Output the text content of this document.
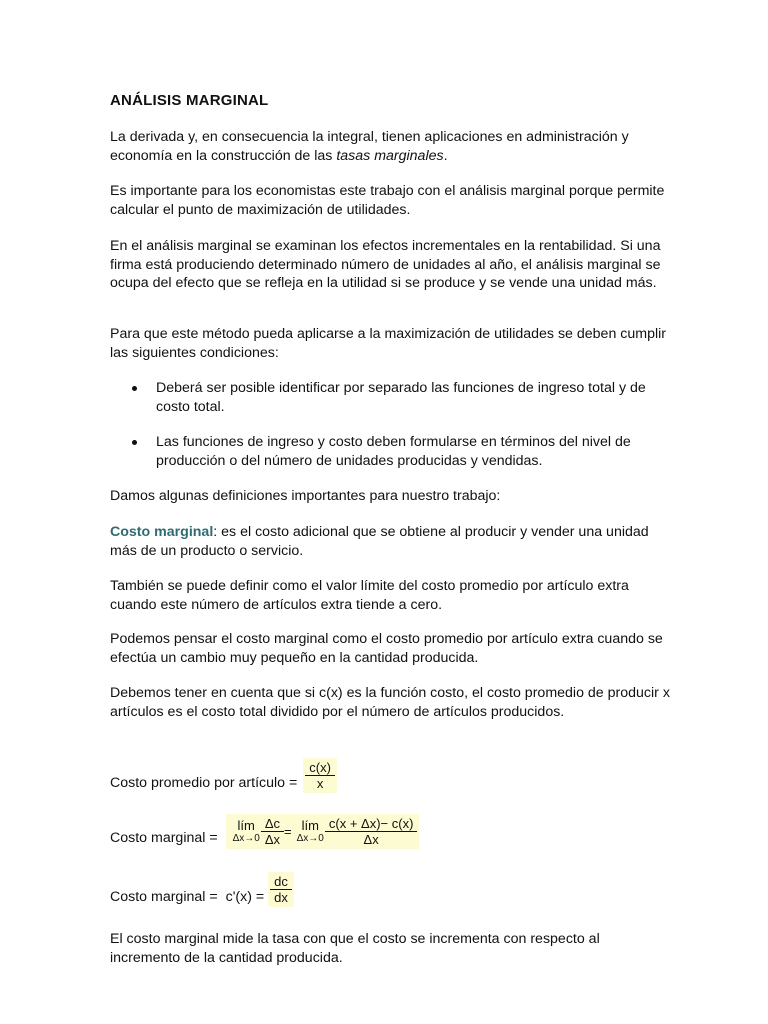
ANÁLISIS MARGINAL

La derivada y, en consecuencia la integral, tienen aplicaciones en administración y economía en la construcción de las tasas marginales.

Es importante para los economistas este trabajo con el análisis marginal porque permite calcular el punto de maximización de utilidades.

En el análisis marginal se examinan los efectos incrementales en la rentabilidad. Si una firma está produciendo determinado número de unidades al año, el análisis marginal se ocupa del efecto que se refleja en la utilidad si se produce y se vende una unidad más.

Para que este método pueda aplicarse a la maximización de utilidades se deben cumplir las siguientes condiciones:

Deberá ser posible identificar por separado las funciones de ingreso total y de costo total.
Las funciones de ingreso y costo deben formularse en términos del nivel de producción o del número de unidades producidas y vendidas.

Damos algunas definiciones importantes para nuestro trabajo:

Costo marginal: es el costo adicional que se obtiene al producir y vender una unidad más de un producto o servicio.

También se puede definir como el valor límite del costo promedio por artículo extra cuando este número de artículos extra tiende a cero.

Podemos pensar el costo marginal como el costo promedio por artículo extra cuando se efectúa un cambio muy pequeño en la cantidad producida.

Debemos tener en cuenta que si c(x) es la función costo, el costo promedio de producir x artículos es el costo total dividido por el número de artículos producidos.

Costo promedio por artículo = $\frac{c(x)}{x}$
Costo marginal =
lím
$\Delta x\to 0 \frac{\Delta c}{\Delta x}$ = lím
$\Delta x\to 0 \frac{c(x + \Delta x)- c(x)}{\Delta x}$
Costo marginal = $c'(x) = \frac{dc}{dx}$

El costo marginal mide la tasa con que el costo se incrementa con respecto al incremento de la cantidad producida.
